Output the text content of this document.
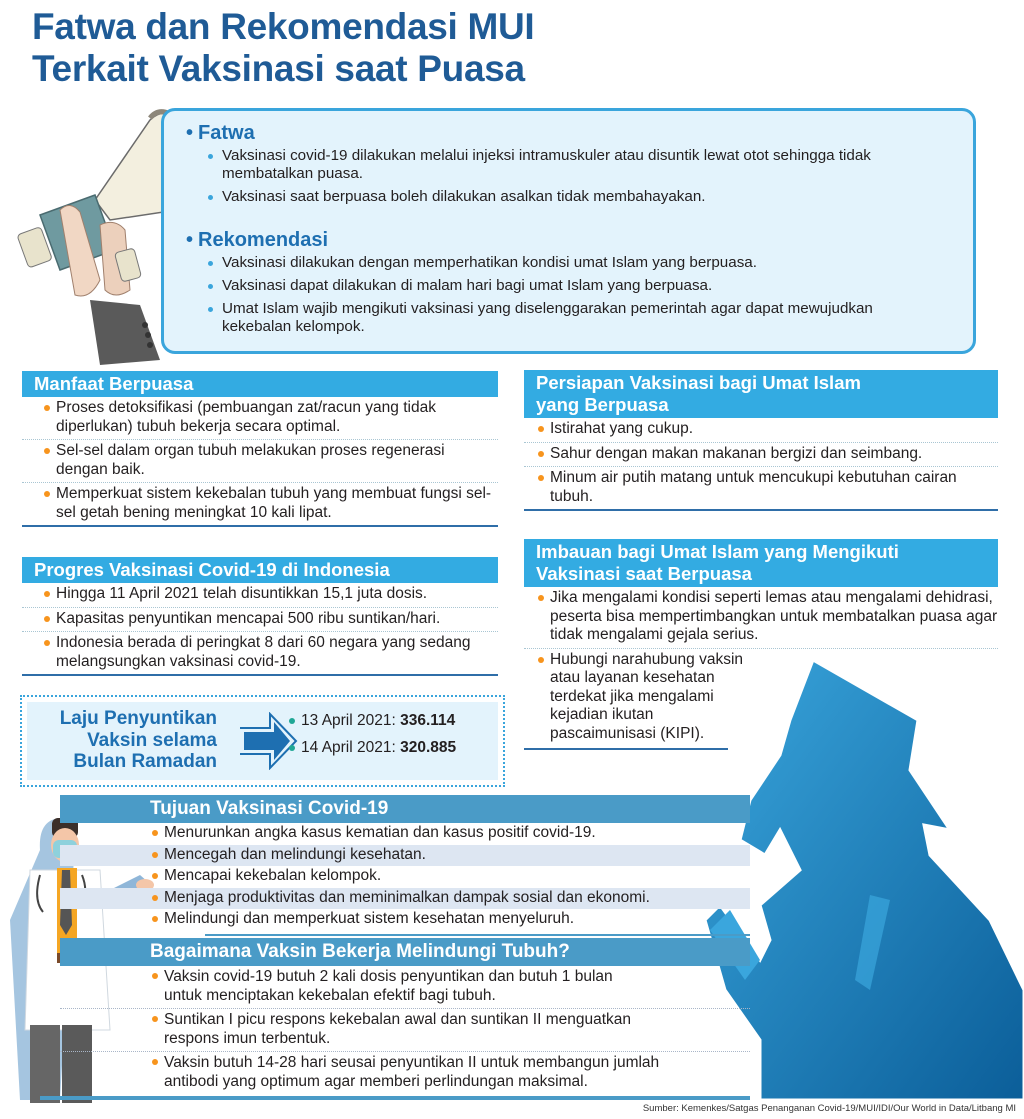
Fatwa dan Rekomendasi MUI
Terkait Vaksinasi saat Puasa
• Fatwa
Vaksinasi covid-19 dilakukan melalui injeksi intramuskuler atau disuntik lewat otot sehingga tidak membatalkan puasa.
Vaksinasi saat berpuasa boleh dilakukan asalkan tidak membahayakan.
• Rekomendasi
Vaksinasi dilakukan dengan memperhatikan kondisi umat Islam yang berpuasa.
Vaksinasi dapat dilakukan di malam hari bagi umat Islam yang berpuasa.
Umat Islam wajib mengikuti vaksinasi yang diselenggarakan pemerintah agar dapat mewujudkan kekebalan kelompok.
Manfaat Berpuasa
Proses detoksifikasi (pembuangan zat/racun yang tidak diperlukan) tubuh bekerja secara optimal.
Sel-sel dalam organ tubuh melakukan proses regenerasi dengan baik.
Memperkuat sistem kekebalan tubuh yang membuat fungsi sel-sel getah bening meningkat 10 kali lipat.
Persiapan Vaksinasi bagi Umat Islam yang Berpuasa
Istirahat yang cukup.
Sahur dengan makan makanan bergizi dan seimbang.
Minum air putih matang untuk mencukupi kebutuhan cairan tubuh.
Progres Vaksinasi Covid-19 di Indonesia
Hingga 11 April 2021 telah disuntikkan 15,1 juta dosis.
Kapasitas penyuntikan mencapai 500 ribu suntikan/hari.
Indonesia berada di peringkat 8 dari 60 negara yang sedang melangsungkan vaksinasi covid-19.
Imbauan bagi Umat Islam yang Mengikuti Vaksinasi saat Berpuasa
Jika mengalami kondisi seperti lemas atau mengalami dehidrasi, peserta bisa mempertimbangkan untuk membatalkan puasa agar tidak mengalami gejala serius.
Hubungi narahubung vaksin atau layanan kesehatan terdekat jika mengalami kejadian ikutan pascaimunisasi (KIPI).
Laju Penyuntikan
Vaksin selama
Bulan Ramadan
13 April 2021: 336.114
14 April 2021: 320.885
Tujuan Vaksinasi Covid-19
Menurunkan angka kasus kematian dan kasus positif covid-19.
Mencegah dan melindungi kesehatan.
Mencapai kekebalan kelompok.
Menjaga produktivitas dan meminimalkan dampak sosial dan ekonomi.
Melindungi dan memperkuat sistem kesehatan menyeluruh.
Bagaimana Vaksin Bekerja Melindungi Tubuh?
Vaksin covid-19 butuh 2 kali dosis penyuntikan dan butuh 1 bulan untuk menciptakan kekebalan efektif bagi tubuh.
Suntikan I picu respons kekebalan awal dan suntikan II menguatkan respons imun terbentuk.
Vaksin butuh 14-28 hari seusai penyuntikan II untuk membangun jumlah antibodi yang optimum agar memberi perlindungan maksimal.
Sumber: Kemenkes/Satgas Penanganan Covid-19/MUI/IDI/Our World in Data/Litbang MI
